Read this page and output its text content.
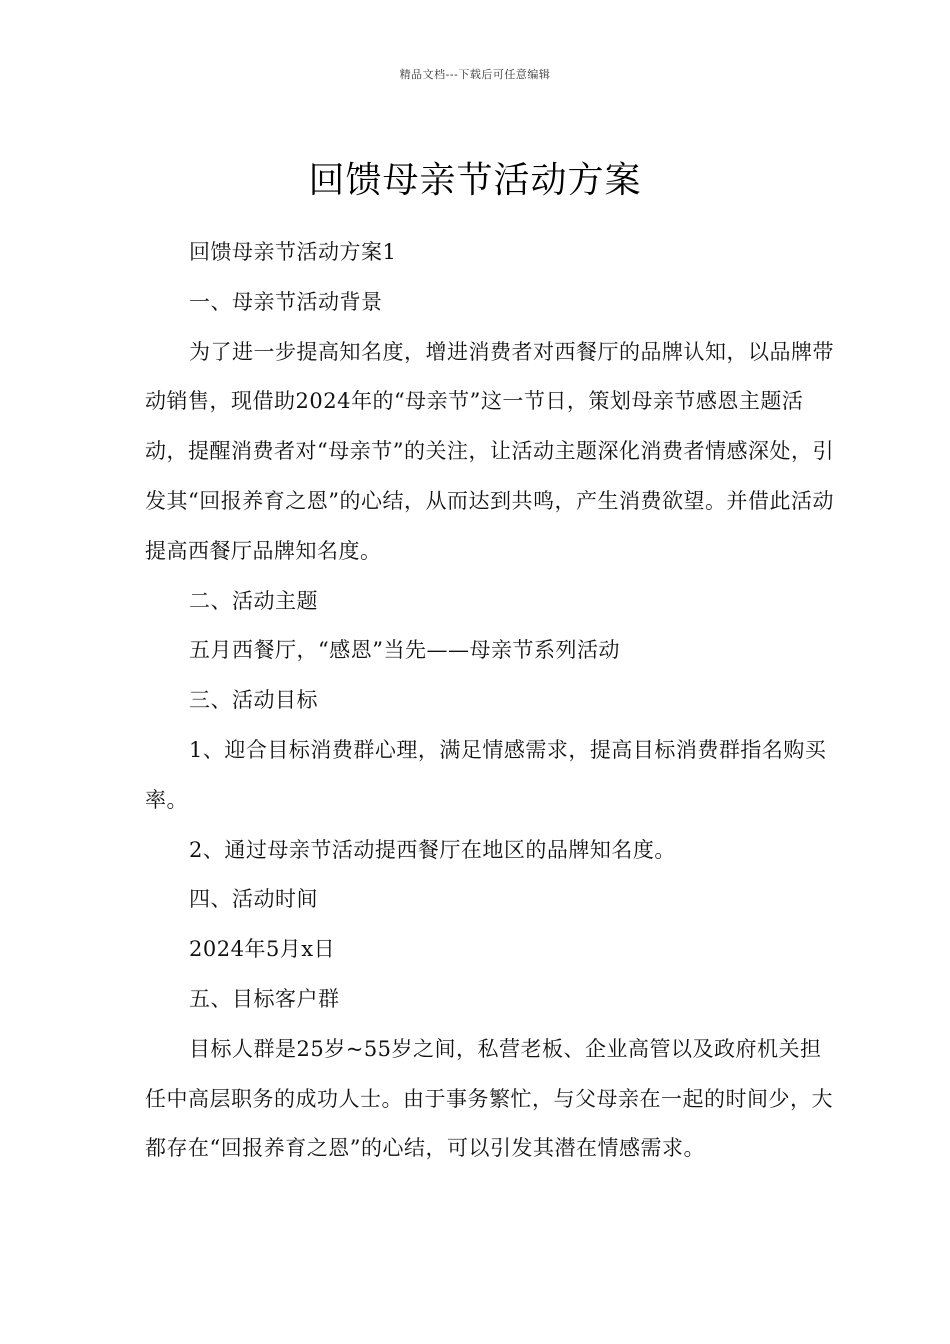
精品文档---下载后可任意编辑
回馈母亲节活动方案

回馈母亲节活动方案1

一、母亲节活动背景

为了进一步提高知名度，增进消费者对西餐厅的品牌认知，以品牌带动销售，现借助2024年的“母亲节”这一节日，策划母亲节感恩主题活动，提醒消费者对“母亲节”的关注，让活动主题深化消费者情感深处，引发其“回报养育之恩”的心结，从而达到共鸣，产生消费欲望。并借此活动提高西餐厅品牌知名度。

二、活动主题

五月西餐厅，“感恩”当先——母亲节系列活动

三、活动目标

1、迎合目标消费群心理，满足情感需求，提高目标消费群指名购买率。

2、通过母亲节活动提西餐厅在地区的品牌知名度。

四、活动时间

2024年5月x日

五、目标客户群

目标人群是25岁~55岁之间，私营老板、企业高管以及政府机关担任中高层职务的成功人士。由于事务繁忙，与父母亲在一起的时间少，大都存在“回报养育之恩”的心结，可以引发其潜在情感需求。
